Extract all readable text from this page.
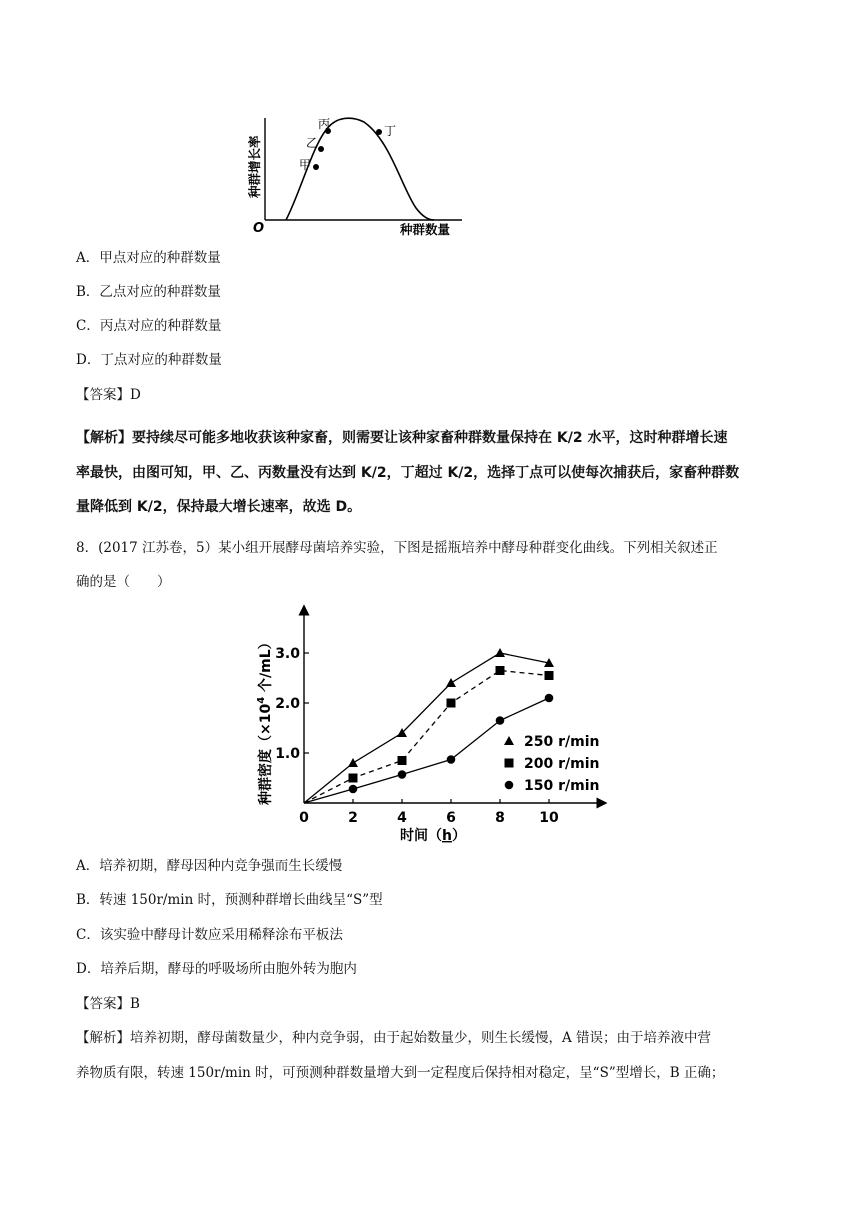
甲
乙
丙	丁
O	种群数量
种群增长率
A．甲点对应的种群数量
B．乙点对应的种群数量
C．丙点对应的种群数量
D．丁点对应的种群数量
【答案】D
【解析】要持续尽可能多地收获该种家畜，则需要让该种家畜种群数量保持在 K/2 水平，这时种群增长速
率最快，由图可知，甲、乙、丙数量没有达到 K/2，丁超过 K/2，选择丁点可以使每次捕获后，家畜种群数
量降低到 K/2，保持最大增长速率，故选 D。
8．(2017 江苏卷，5）某小组开展酵母菌培养实验，下图是摇瓶培养中酵母种群变化曲线。下列相关叙述正
确的是（　　）
0	2	4	6	8 10
1.0
2.0
3.0
250 r/min
200 r/min
150 r/min
种群密度（$\times 10^4$ 个/mL）
时间（h）
A．培养初期，酵母因种内竞争强而生长缓慢
B．转速 150r/min 时，预测种群增长曲线呈“S”型
C．该实验中酵母计数应采用稀释涂布平板法
D．培养后期，酵母的呼吸场所由胞外转为胞内
【答案】B
【解析】培养初期，酵母菌数量少，种内竞争弱，由于起始数量少，则生长缓慢，A 错误；由于培养液中营
养物质有限，转速 150r/min 时，可预测种群数量增大到一定程度后保持相对稳定，呈“S”型增长，B 正确；
